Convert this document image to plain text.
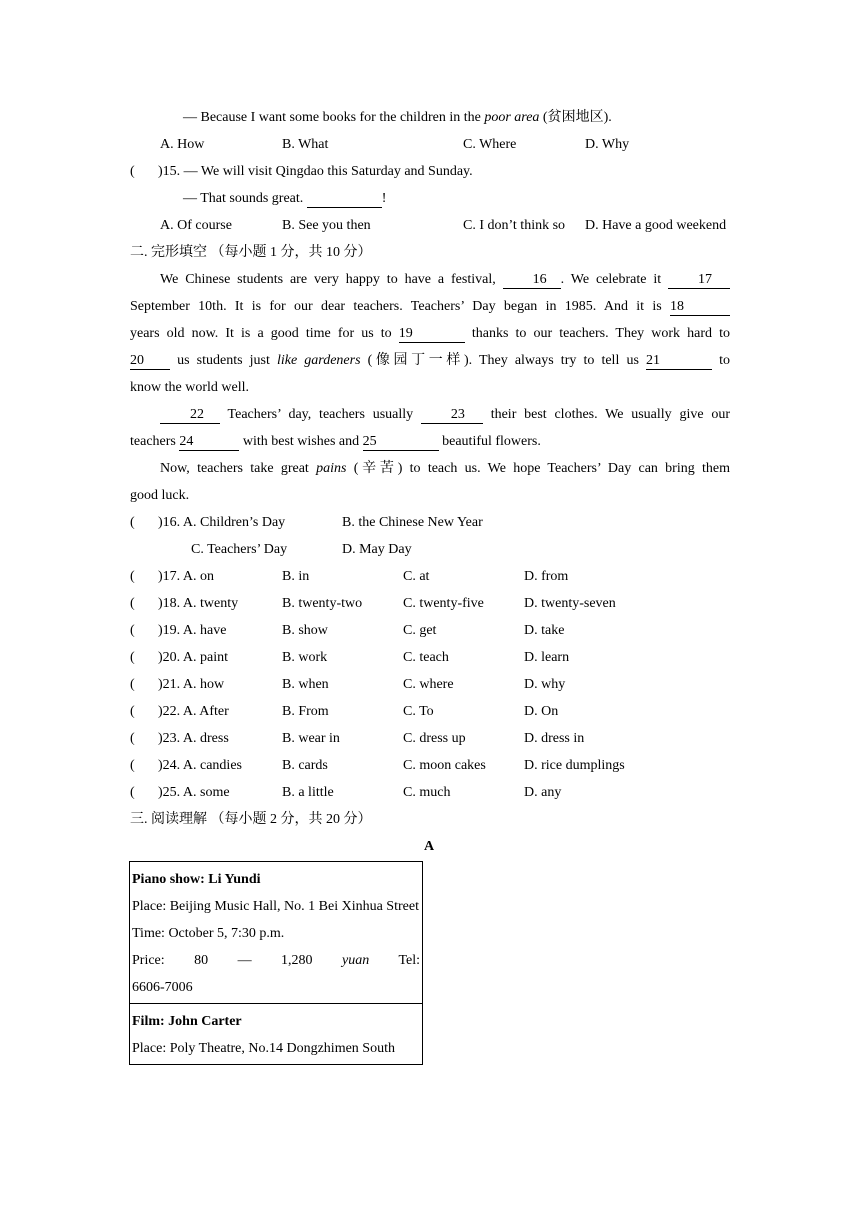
— Because I want some books for the children in the poor area (贫困地区).
A. How	B. What	C. Where	D. Why
( )15. — We will visit Qingdao this Saturday and Sunday.
— That sounds great.	!
A. Of course	B. See you then	C. I don’t think so D. Have a good weekend
二. 完形填空 （每小题 1 分，共 10 分）
We Chinese students are very happy to have a festival, 16 . We celebrate it 17
September 10th. It is for our dear teachers. Teachers’ Day began in 1985. And it is 18
years old now. It is a good time for us to 19	thanks to our teachers. They work hard to
20 us students just like gardeners (像园丁一样). They always try to tell us 21	to
know the world well.
22 Teachers’ day, teachers usually 23 their best clothes. We usually give our
teachers 24	with best wishes and 25	beautiful flowers.
Now, teachers take great pains (辛苦) to teach us. We hope Teachers’ Day can bring them
good luck.
( )16. A. Children’s Day	B. the Chinese New Year
C. Teachers’ Day	D. May Day
( )17. A. on	B. in	C. at	D. from
( )18. A. twenty	B. twenty-two	C. twenty-five	D. twenty-seven
( )19. A. have	B. show	C. get	D. take
( )20. A. paint	B. work	C. teach	D. learn
( )21. A. how	B. when	C. where	D. why
( )22. A. After	B. From	C. To	D. On
( )23. A. dress	B. wear in	C. dress up	D. dress in
( )24. A. candies	B. cards	C. moon cakes	D. rice dumplings
( )25. A. some	B. a little	C. much	D. any
三. 阅读理解 （每小题 2 分，共 20 分）
A
Piano show: Li Yundi
Place: Beijing Music Hall, No. 1 Bei Xinhua Street
Time: October 5, 7:30 p.m.
Price: 80 — 1,280 yuan Tel:
6606-7006

Film: John Carter
Place: Poly Theatre, No.14 Dongzhimen South
